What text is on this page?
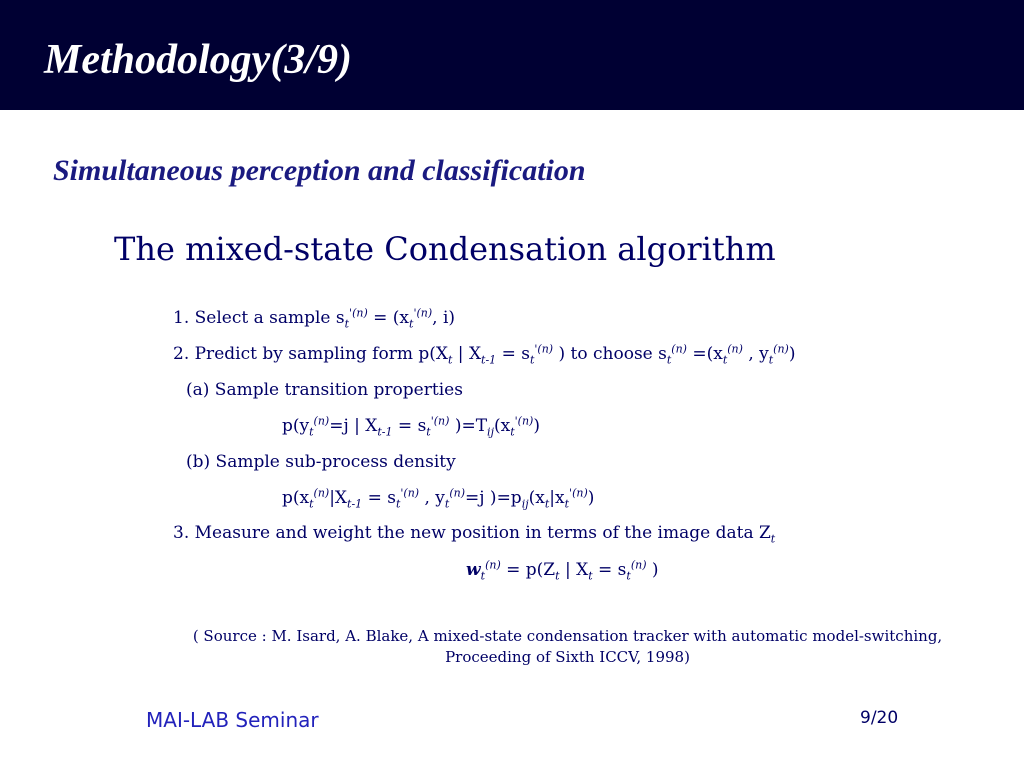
Methodology(3/9)
Simultaneous perception and classification
The mixed-state Condensation algorithm
1. Select a sample $s_t^{'(n)} = (x_t^{'(n)}$, i)
2. Predict by sampling form $p(X_t$ | $X_{t-1} = s_t^{'(n)}$ ) to choose $s_t^{(n)} =(x_t^{(n)}$ , $y_t^{(n)}$)
(a) Sample transition properties
$p(y_t^{(n)}=j$ | $X_{t-1} = s_t^{'(n)}$ )$=T_{ij}(x_t^{'(n)})$
(b) Sample sub-process density
$p(x_t^{(n)}|X_{t-1} = s_t^{'(n)}$ , $y_t^{(n)}=j$ )$=p_{ij}(x_t|x_t^{'(n)})$
3. Measure and weight the new position in terms of the image data $Z_t$
$w_t^{(n)} = p(Z_t$ | $X_t = s_t^{(n)}$ )
( Source : M. Isard, A. Blake, A mixed-state condensation tracker with automatic model-switching, Proceeding of Sixth ICCV, 1998)
MAI-LAB Seminar	9/20
